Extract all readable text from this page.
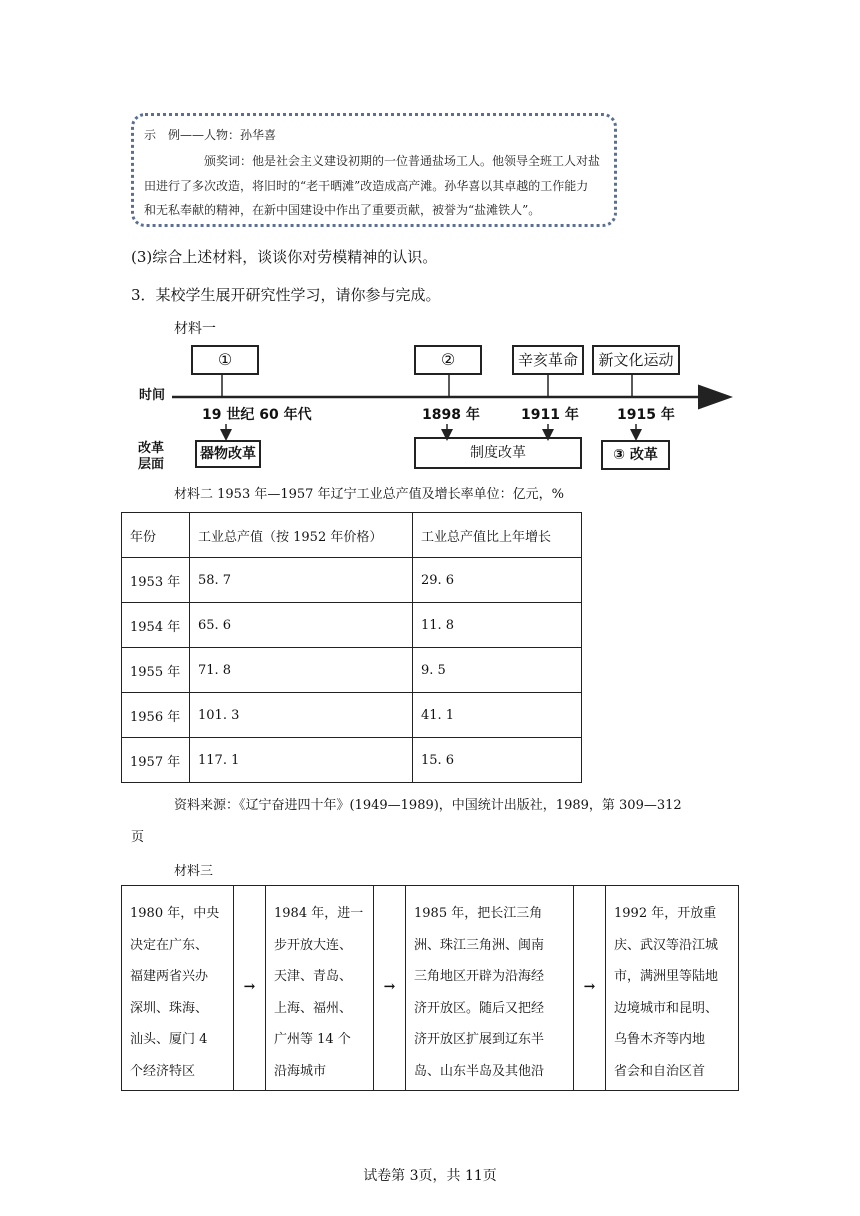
示　例——人物：孙华喜
颁奖词：他是社会主义建设初期的一位普通盐场工人。他领导全班工人对盐
田进行了多次改造，将旧时的“老干晒滩”改造成高产滩。孙华喜以其卓越的工作能力
和无私奉献的精神，在新中国建设中作出了重要贡献，被誉为“盐滩铁人”。
(3)综合上述材料，谈谈你对劳模精神的认识。
3．某校学生展开研究性学习，请你参与完成。
材料一
①	②	辛亥革命	新文化运动
时间
改革
层面
19 世纪 60 年代	1898 年	1911 年	1915 年
器物改革	制度改革	③ 改革
材料二 1953 年—1957 年辽宁工业总产值及增长率单位：亿元，%
年份	工业总产值（按 1952 年价格）	工业总产值比上年增长
1953 年	58. 7	29. 6
1954 年	65. 6	11. 8
1955 年	71. 8	9. 5
1956 年	101. 3	41. 1
1957 年	117. 1	15. 6
资料来源：《辽宁奋进四十年》(1949—1989)，中国统计出版社，1989，第 309—312
页
材料三
1980 年，中央
决定在广东、
福建两省兴办
深圳、珠海、
汕头、厦门 4
个经济特区
	→	
1984 年，进一
步开放大连、
天津、青岛、
上海、福州、
广州等 14 个
沿海城市
	→	
1985 年，把长江三角
洲、珠江三角洲、闽南
三角地区开辟为沿海经
济开放区。随后又把经
济开放区扩展到辽东半
岛、山东半岛及其他沿
	→	
1992 年，开放重
庆、武汉等沿江城
市，满洲里等陆地
边境城市和昆明、
乌鲁木齐等内地
省会和自治区首
试卷第 3页，共 11页
